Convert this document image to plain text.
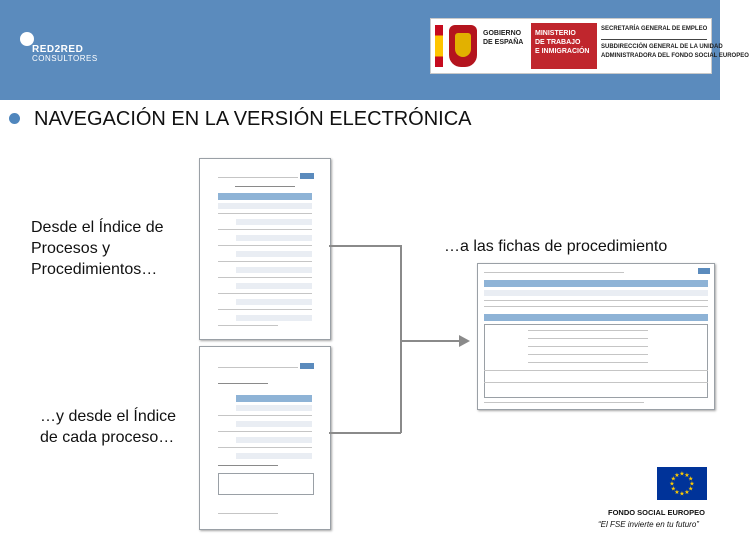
RED2RED
CONSULTORES
GOBIERNO
DE ESPAÑA
MINISTERIO
DE TRABAJO
E INMIGRACIÓN
SECRETARÍA GENERAL DE EMPLEO

SUBDIRECCIÓN GENERAL DE LA UNIDAD
ADMINISTRADORA DEL FONDO SOCIAL EUROPEO
NAVEGACIÓN EN LA VERSIÓN ELECTRÓNICA
Desde el Índice de Procesos y Procedimientos…
…a las fichas de procedimiento
…y desde el Índice de cada proceso…
★ ★
★
★
★
★
★
★
★
★
★
★
FONDO SOCIAL EUROPEO
“El FSE invierte en tu futuro”
